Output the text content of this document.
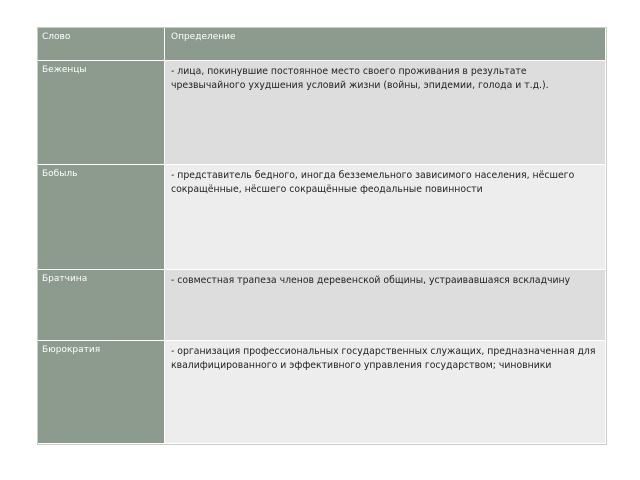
Слово	Определение
Беженцы	- лица, покинувшие постоянное место своего проживания в результате чрезвычайного ухудшения условий жизни (войны, эпидемии, голода и т.д.).
Бобыль	- представитель бедного, иногда безземельного зависимого населения, нёсшего сокращённые, нёсшего сокращённые феодальные повинности
Братчина	- совместная трапеза членов деревенской общины, устраивавшаяся вскладчину
Бюрократия	- организация профессиональных государственных служащих, предназначенная для квалифицированного и эффективного управления государством; чиновники
